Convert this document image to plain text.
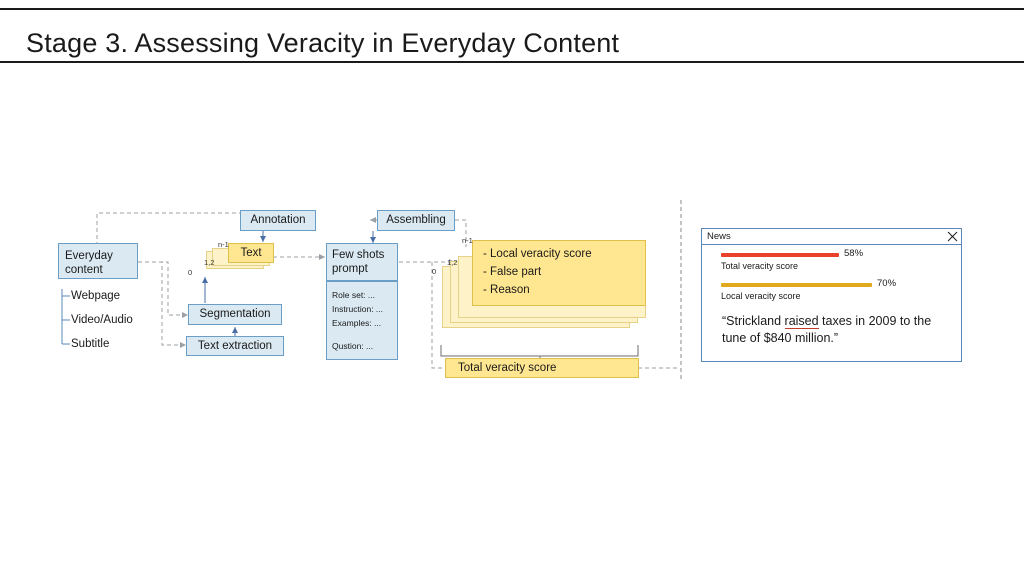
Stage 3. Assessing Veracity in Everyday Content
Everyday
content
Webpage
Video/Audio
Subtitle
Annotation	Assembling
Text
0
1,2
n-1
Segmentation
Text extraction
Few shots
prompt
Role set: ...
Instruction: ...
Examples: ...
Qustion: ...
- Local veracity score
- False part
- Reason
0
1,2
n-1
Total veracity score
News
58%
Total veracity score
70%
Local veracity score
“Strickland raised taxes in 2009 to the tune of $840 million.”
